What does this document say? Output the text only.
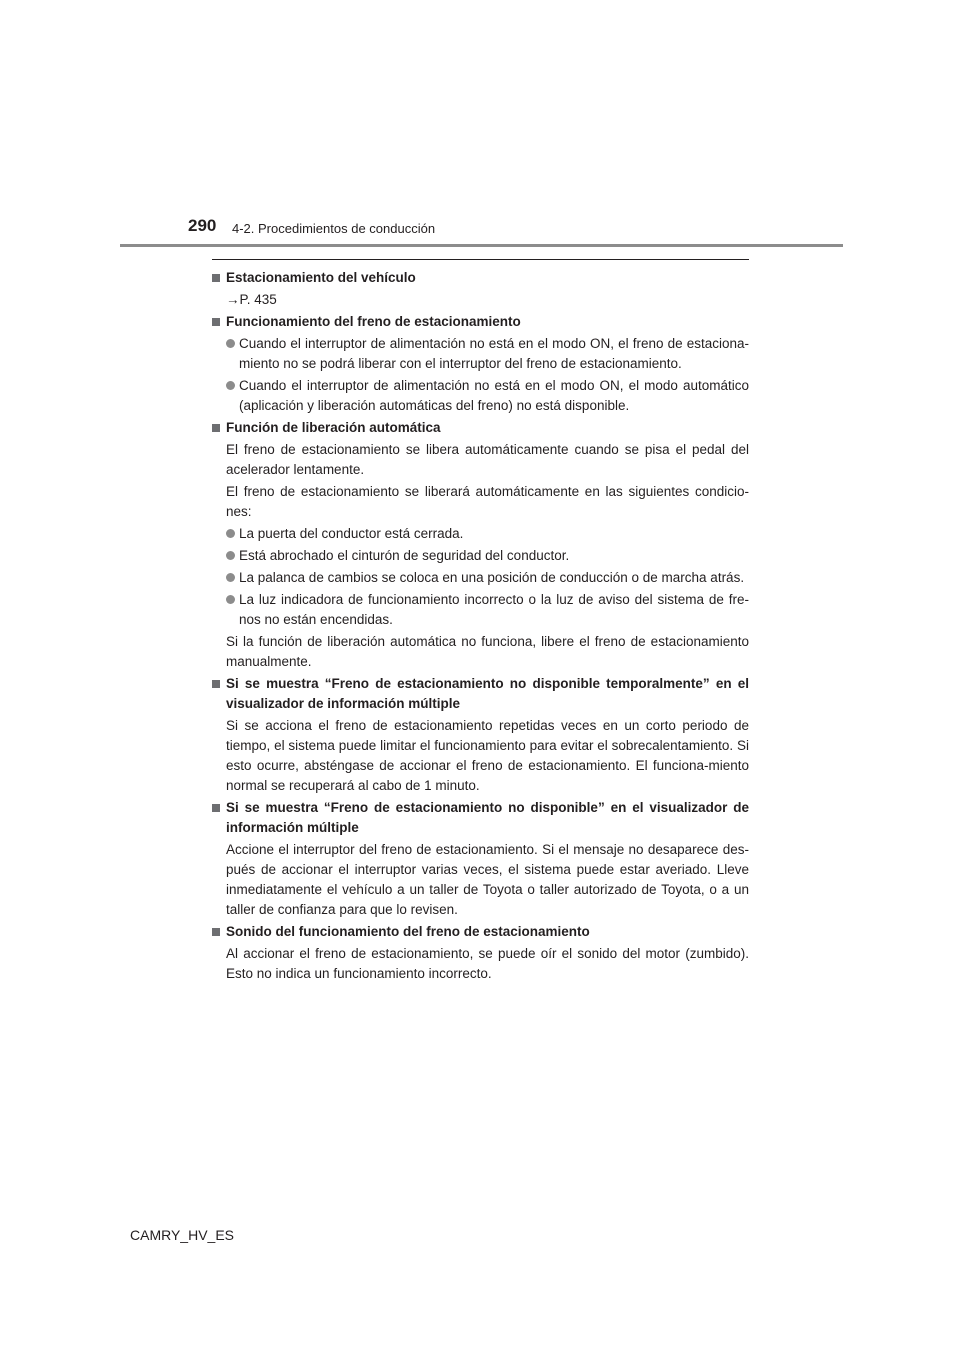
290 4-2. Procedimientos de conducción
Estacionamiento del vehículo
→P. 435
Funcionamiento del freno de estacionamiento
Cuando el interruptor de alimentación no está en el modo ON, el freno de estaciona-miento no se podrá liberar con el interruptor del freno de estacionamiento.
Cuando el interruptor de alimentación no está en el modo ON, el modo automático (aplicación y liberación automáticas del freno) no está disponible.
Función de liberación automática
El freno de estacionamiento se libera automáticamente cuando se pisa el pedal del acelerador lentamente.
El freno de estacionamiento se liberará automáticamente en las siguientes condicio-nes:
La puerta del conductor está cerrada.
Está abrochado el cinturón de seguridad del conductor.
La palanca de cambios se coloca en una posición de conducción o de marcha atrás.
La luz indicadora de funcionamiento incorrecto o la luz de aviso del sistema de fre-nos no están encendidas.
Si la función de liberación automática no funciona, libere el freno de estacionamiento manualmente.
Si se muestra “Freno de estacionamiento no disponible temporalmente” en el visualizador de información múltiple
Si se acciona el freno de estacionamiento repetidas veces en un corto periodo de tiempo, el sistema puede limitar el funcionamiento para evitar el sobrecalentamiento. Si esto ocurre, absténgase de accionar el freno de estacionamiento. El funciona-miento normal se recuperará al cabo de 1 minuto.
Si se muestra “Freno de estacionamiento no disponible” en el visualizador de información múltiple
Accione el interruptor del freno de estacionamiento. Si el mensaje no desaparece des-pués de accionar el interruptor varias veces, el sistema puede estar averiado. Lleve inmediatamente el vehículo a un taller de Toyota o taller autorizado de Toyota, o a un taller de confianza para que lo revisen.
Sonido del funcionamiento del freno de estacionamiento
Al accionar el freno de estacionamiento, se puede oír el sonido del motor (zumbido). Esto no indica un funcionamiento incorrecto.
CAMRY_HV_ES
